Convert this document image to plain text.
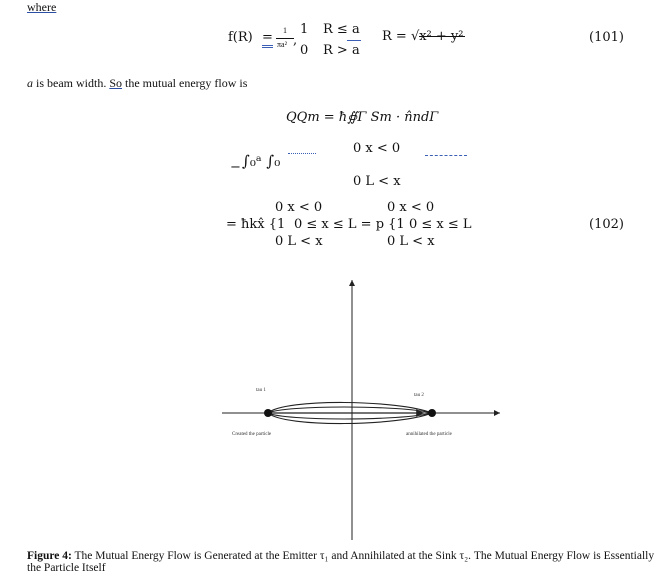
where
f(R) = 1
πa² ,
1 R ≤ a
0 R > a
R = √x² + y²	(101)
a is beam width. So the mutual energy flow is
QQm = ħ∯Γ Sm · n̂ndΓ
− ∫₀ᵃ ∫₀
0 x < 0
0 L < x
0 x < 0	0 x < 0
= ħkx̂ {1 0 ≤ x ≤ L = p {1 0 ≤ x ≤ L	(102)
0 L < x	0 L < x
tau 1
tau 2
Created the particle	annihilated the particle
Figure 4: The Mutual Energy Flow is Generated at the Emitter τ₁ and Annihilated at the Sink τ₂. The Mutual Energy Flow is Essentially the Particle Itself
